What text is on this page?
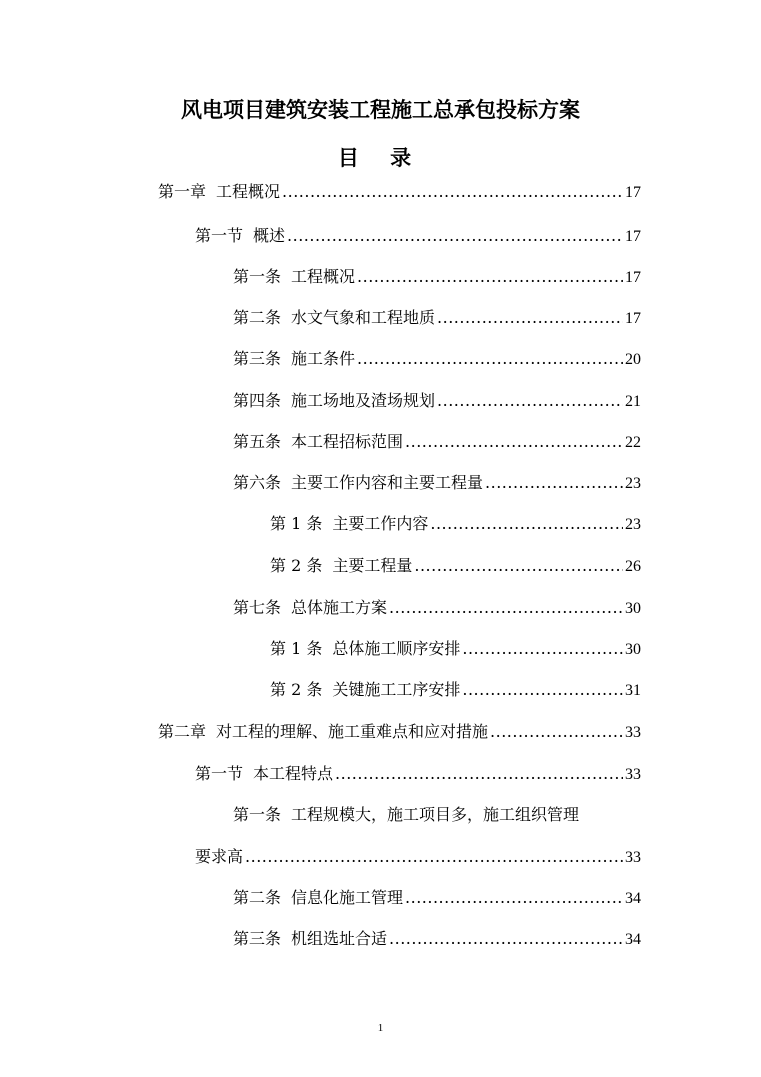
风电项目建筑安装工程施工总承包投标方案
目 录
第一章 工程概况 .....	17
第一节 概述 .....	17
第一条 工程概况 .....	17
第二条 水文气象和工程地质 .....	17
第三条 施工条件 .....	20
第四条 施工场地及渣场规划 .....	21
第五条 本工程招标范围 .....	22
第六条 主要工作内容和主要工程量 .....	23
第 1 条 主要工作内容 .....	23
第 2 条 主要工程量 .....	26
第七条 总体施工方案 .....	30
第 1 条 总体施工顺序安排 .....	30
第 2 条 关键施工工序安排 .....	31
第二章 对工程的理解、施工重难点和应对措施 .....	33
第一节 本工程特点 .....	33
第一条 工程规模大，施工项目多，施工组织管理
要求高 .....	33
第二条 信息化施工管理 .....	34
第三条 机组选址合适 .....	34
1
